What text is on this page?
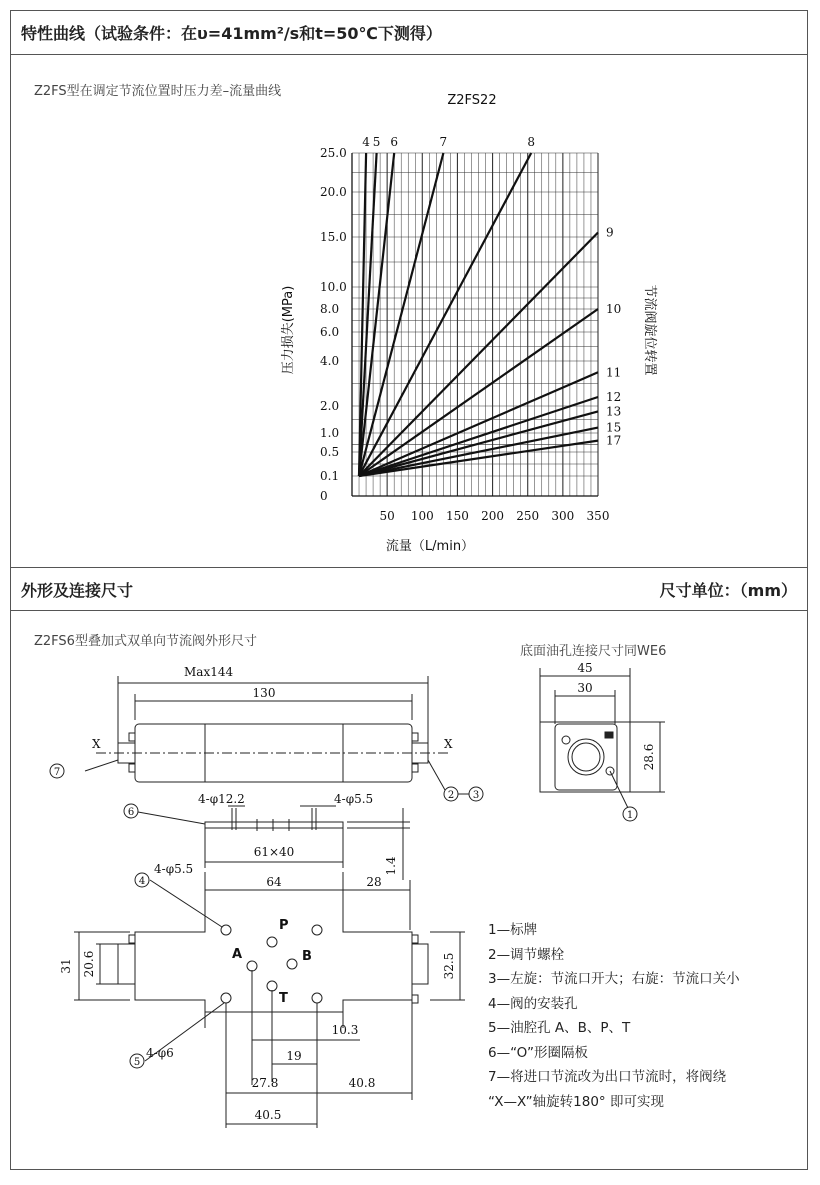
特性曲线（试验条件：在υ=41mm²/s和t=50℃下测得）
外形及连接尺寸	尺寸单位：（mm）
Z2FS型在调定节流位置时压力差–流量曲线
Z2FS6型叠加式双单向节流阀外形尺寸
底面油孔连接尺寸同WE6
Z2FS22
0
0.1
0.5
1.0
2.0
4.0
6.0
8.0
10.0
15.0
20.0
25.0
50 100 150 200 250 300 350
4 5 6	7	8
9
10
11
12
13
15
17
流量（L/min）
压力损失(MPa)	节流阀旋位转置
Max144
130
X	X
7
2 3
4-φ12.2	4-φ5.5
61×40
1.4
6
4-φ5.5
64	28
31 20.6	32.5
10.3
19
27.8	40.8
40.5
4-φ6
P
A	B
T
4
5
45
30
28.6
1
1—标牌
2—调节螺栓
3—左旋：节流口开大；右旋：节流口关小
4—阀的安装孔
5—油腔孔 A、B、P、T
6—“O”形圈隔板
7—将进口节流改为出口节流时，将阀绕
“X—X”轴旋转180° 即可实现
